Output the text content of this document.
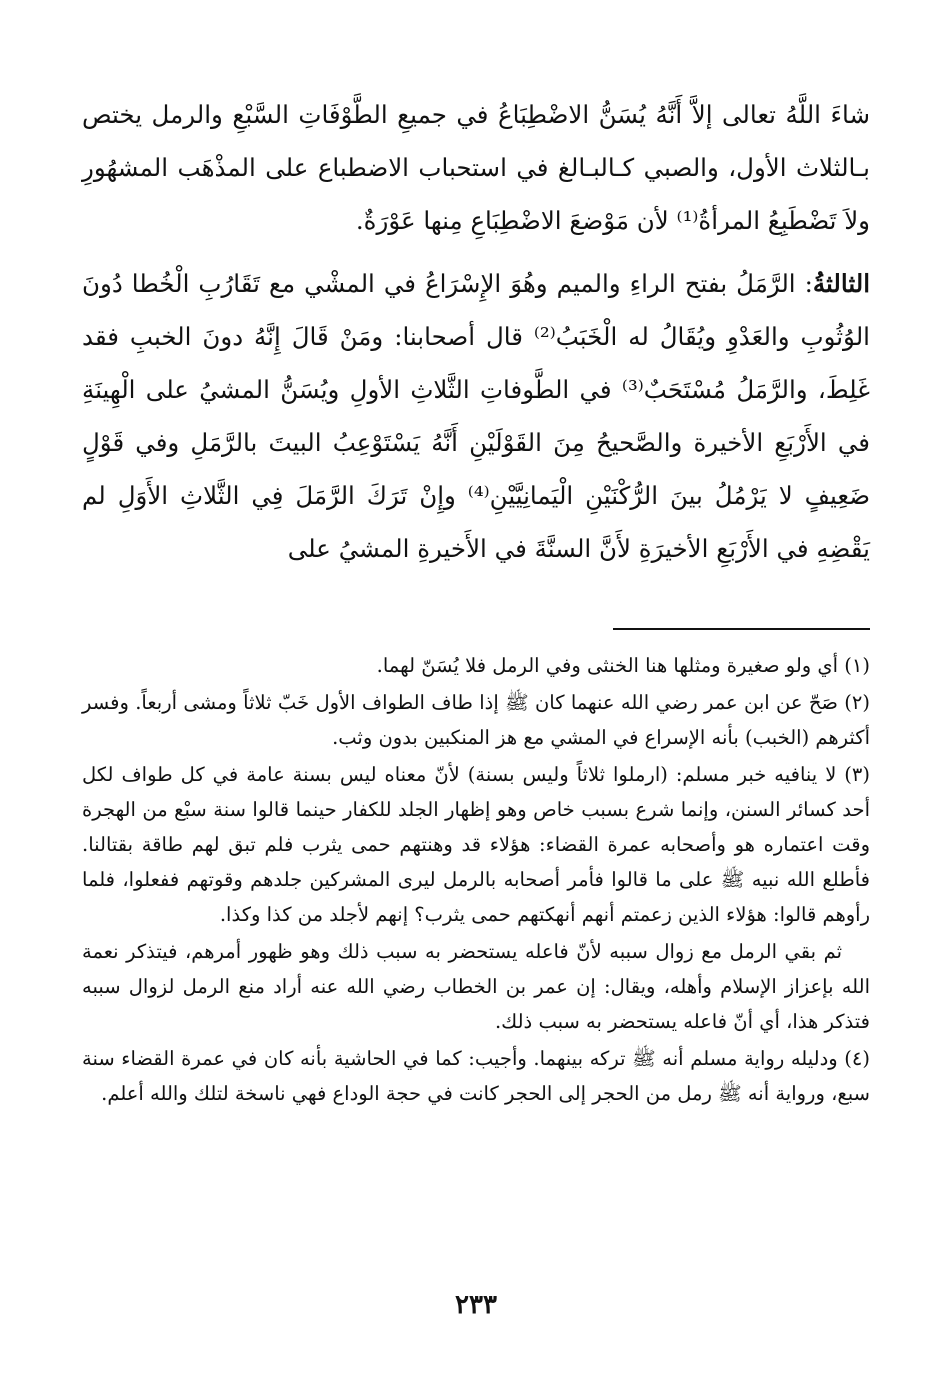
شاءَ اللَّهُ تعالى إلاَّ أَنَّهُ يُسَنُّ الاضْطِبَاعُ في جميعِ الطَّوْفَاتِ السَّبْعِ والرمل يختص بـالثلاث الأول، والصبي كـالبـالغ في استحباب الاضطباع على المذْهَب المشهُورِ ولاَ تَضْطَبِعُ المرأةُ⁽¹⁾ لأن مَوْضعَ الاضْطِبَاعِ مِنها عَوْرَةٌ.

الثالثةُ: الرَّمَلُ بفتح الراءِ والميم وهُوَ الإِسْرَاعُ في المشْي مع تَقَارُبِ الْخُطا دُونَ الوُثُوبِ والعَدْوِ ويُقَالُ له الْخَبَبُ⁽²⁾ قال أصحابنا: ومَنْ قَالَ إِنَّهُ دونَ الخببِ فقد غَلِطَ، والرَّمَلُ مُسْتَحَبٌ⁽³⁾ في الطَّوفاتِ الثَّلاثِ الأولِ ويُسَنُّ المشيُ على الْهِينَةِ في الأَرْبَعِ الأخيرة والصَّحيحُ مِنَ القَوْلَيْنِ أَنَّهُ يَسْتَوْعِبُ البيتَ بالرَّمَلِ وفي قَوْلٍ ضَعِيفٍ لا يَرْمُلُ بينَ الرُّكْنَيْنِ الْيَمانِيَّيْنِ⁽⁴⁾ وإِنْ تَرَكَ الرَّمَلَ فِي الثَّلاثِ الأَوَلِ لم يَقْضِهِ في الأَرْبَعِ الأخيرَةِ لأَنَّ السنَّةَ في الأَخيرةِ المشيُ على

(١) أي ولو صغيرة ومثلها هنا الخنثى وفي الرمل فلا يُسَنّ لهما.

(٢) صَحّ عن ابن عمر رضي الله عنهما كان ﷺ إذا طاف الطواف الأول خَبّ ثلاثاً ومشى أربعاً. وفسر أكثرهم (الخبب) بأنه الإسراع في المشي مع هز المنكبين بدون وثب.

(٣) لا ينافيه خبر مسلم: (ارملوا ثلاثاً وليس بسنة) لأنّ معناه ليس بسنة عامة في كل طواف لكل أحد كسائر السنن، وإنما شرع بسبب خاص وهو إظهار الجلد للكفار حينما قالوا سنة سبْع من الهجرة وقت اعتماره هو وأصحابه عمرة القضاء: هؤلاء قد وهنتهم حمى يثرب فلم تبق لهم طاقة بقتالنا. فأطلع الله نبيه ﷺ على ما قالوا فأمر أصحابه بالرمل ليرى المشركين جلدهم وقوتهم ففعلوا، فلما رأوهم قالوا: هؤلاء الذين زعمتم أنهم أنهكتهم حمى يثرب؟ إنهم لأجلد من كذا وكذا.

ثم بقي الرمل مع زوال سببه لأنّ فاعله يستحضر به سبب ذلك وهو ظهور أمرهم، فيتذكر نعمة الله بإعزاز الإسلام وأهله، ويقال: إن عمر بن الخطاب رضي الله عنه أراد منع الرمل لزوال سببه فتذكر هذا، أي أنّ فاعله يستحضر به سبب ذلك.

(٤) ودليله رواية مسلم أنه ﷺ تركه بينهما. وأجيب: كما في الحاشية بأنه كان في عمرة القضاء سنة سبع، ورواية أنه ﷺ رمل من الحجر إلى الحجر كانت في حجة الوداع فهي ناسخة لتلك والله أعلم.

٢٣٣
